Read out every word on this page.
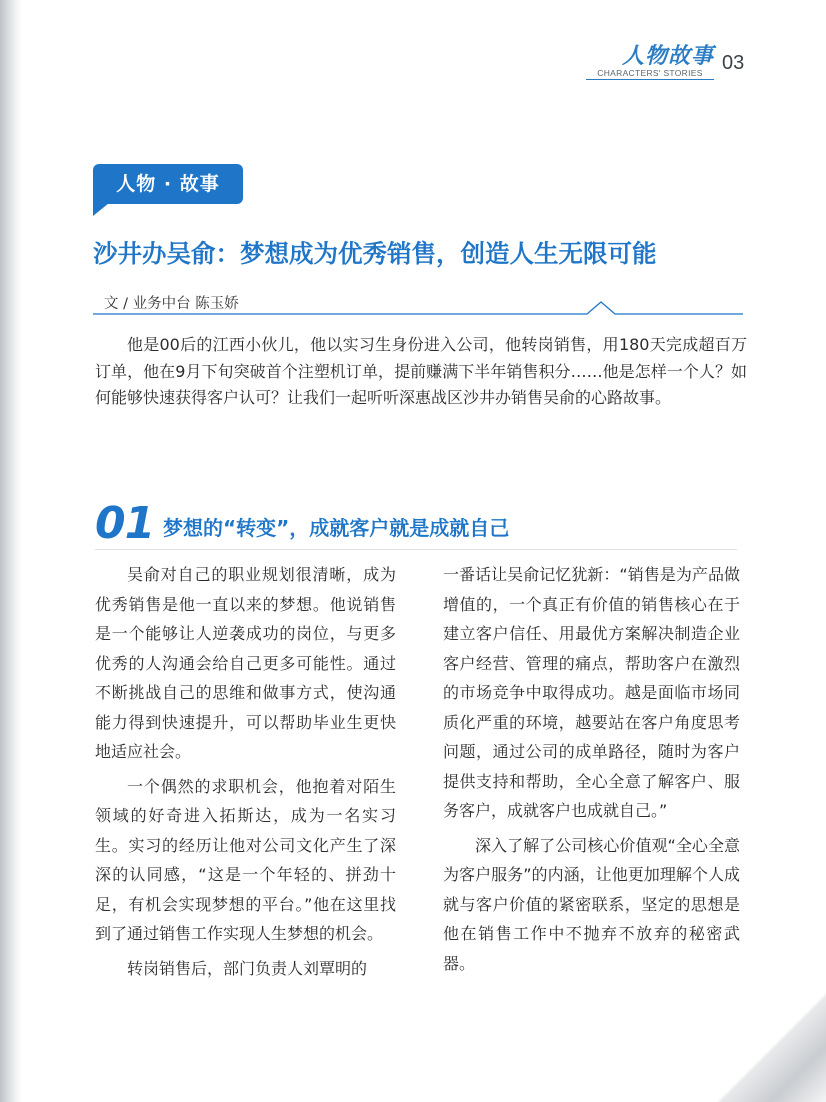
人物故事
CHARACTERS' STORIES 03
人物 · 故事
沙井办吴俞：梦想成为优秀销售，创造人生无限可能
文 / 业务中台 陈玉娇

他是00后的江西小伙儿，他以实习生身份进入公司，他转岗销售，用180天完成超百万订单，他在9月下旬突破首个注塑机订单，提前赚满下半年销售积分……他是怎样一个人？如何能够快速获得客户认可？让我们一起听听深惠战区沙井办销售吴俞的心路故事。

01 梦想的“转变”，成就客户就是成就自己

吴俞对自己的职业规划很清晰，成为优秀销售是他一直以来的梦想。他说销售是一个能够让人逆袭成功的岗位，与更多优秀的人沟通会给自己更多可能性。通过不断挑战自己的思维和做事方式，使沟通能力得到快速提升，可以帮助毕业生更快地适应社会。

一个偶然的求职机会，他抱着对陌生领域的好奇进入拓斯达，成为一名实习生。实习的经历让他对公司文化产生了深深的认同感，“这是一个年轻的、拼劲十足，有机会实现梦想的平台。”他在这里找到了通过销售工作实现人生梦想的机会。

转岗销售后，部门负责人刘覃明的

一番话让吴俞记忆犹新：“销售是为产品做增值的，一个真正有价值的销售核心在于建立客户信任、用最优方案解决制造企业客户经营、管理的痛点，帮助客户在激烈的市场竞争中取得成功。越是面临市场同质化严重的环境，越要站在客户角度思考问题，通过公司的成单路径，随时为客户提供支持和帮助，全心全意了解客户、服务客户，成就客户也成就自己。”

深入了解了公司核心价值观“全心全意为客户服务”的内涵，让他更加理解个人成就与客户价值的紧密联系，坚定的思想是他在销售工作中不抛弃不放弃的秘密武器。
